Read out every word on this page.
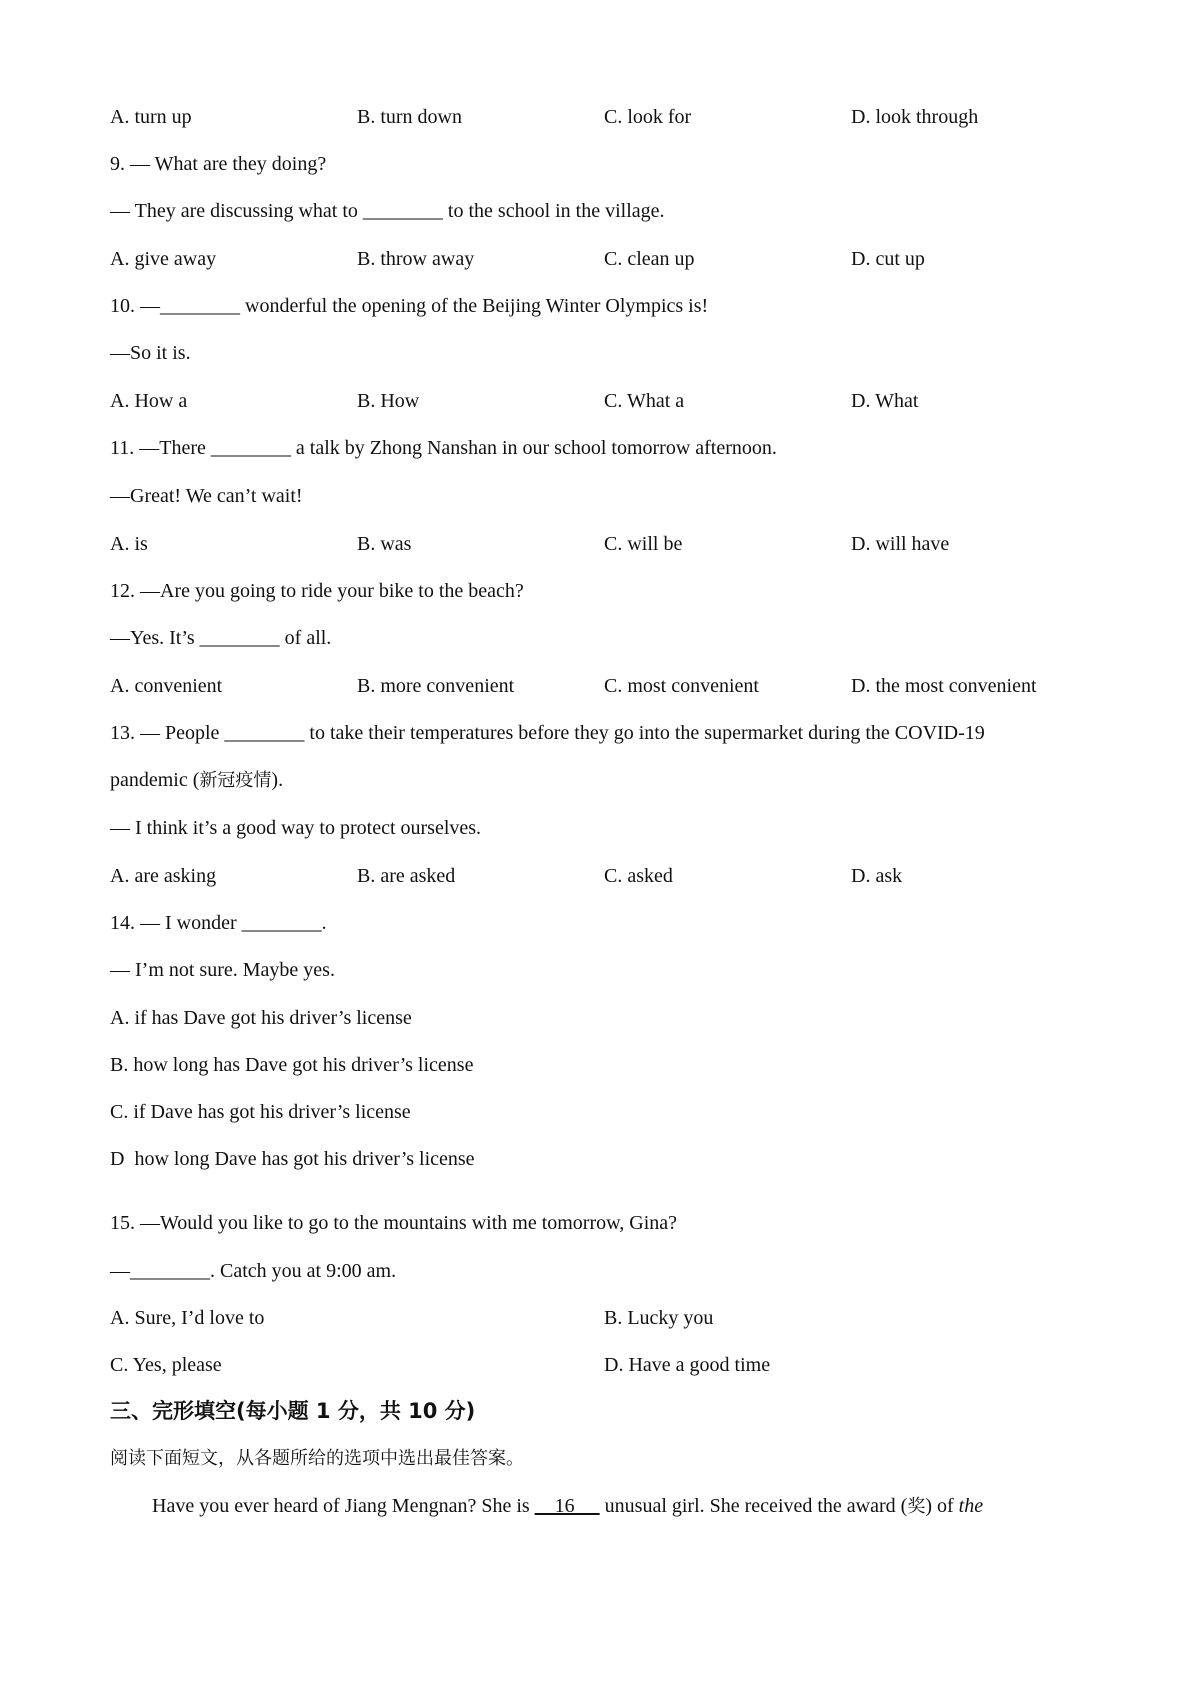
A. turn up	B. turn down	C. look for	D. look through
9. — What are they doing?
— They are discussing what to ________ to the school in the village.
A. give away	B. throw away	C. clean up	D. cut up
10. —________ wonderful the opening of the Beijing Winter Olympics is!
—So it is.
A. How a	B. How	C. What a	D. What
11. —There ________ a talk by Zhong Nanshan in our school tomorrow afternoon.
—Great! We can’t wait!
A. is	B. was	C. will be	D. will have
12. —Are you going to ride your bike to the beach?
—Yes. It’s ________ of all.
A. convenient	B. more convenient	C. most convenient	D. the most convenient
13. — People ________ to take their temperatures before they go into the supermarket during the COVID-19
pandemic (新冠疫情).
— I think it’s a good way to protect ourselves.
A. are asking	B. are asked	C. asked	D. ask
14. — I wonder ________.
— I’m not sure. Maybe yes.
A. if has Dave got his driver’s license
B. how long has Dave got his driver’s license
C. if Dave has got his driver’s license
D  how long Dave has got his driver’s license
15. —Would you like to go to the mountains with me tomorrow, Gina?
—________. Catch you at 9:00 am.
A. Sure, I’d love to	B. Lucky you
C. Yes, please	D. Have a good time
三、完形填空(每小题 1 分，共 10 分)
阅读下面短文，从各题所给的选项中选出最佳答案。
Have you ever heard of Jiang Mengnan? She is     16      unusual girl. She received the award (奖) of the
